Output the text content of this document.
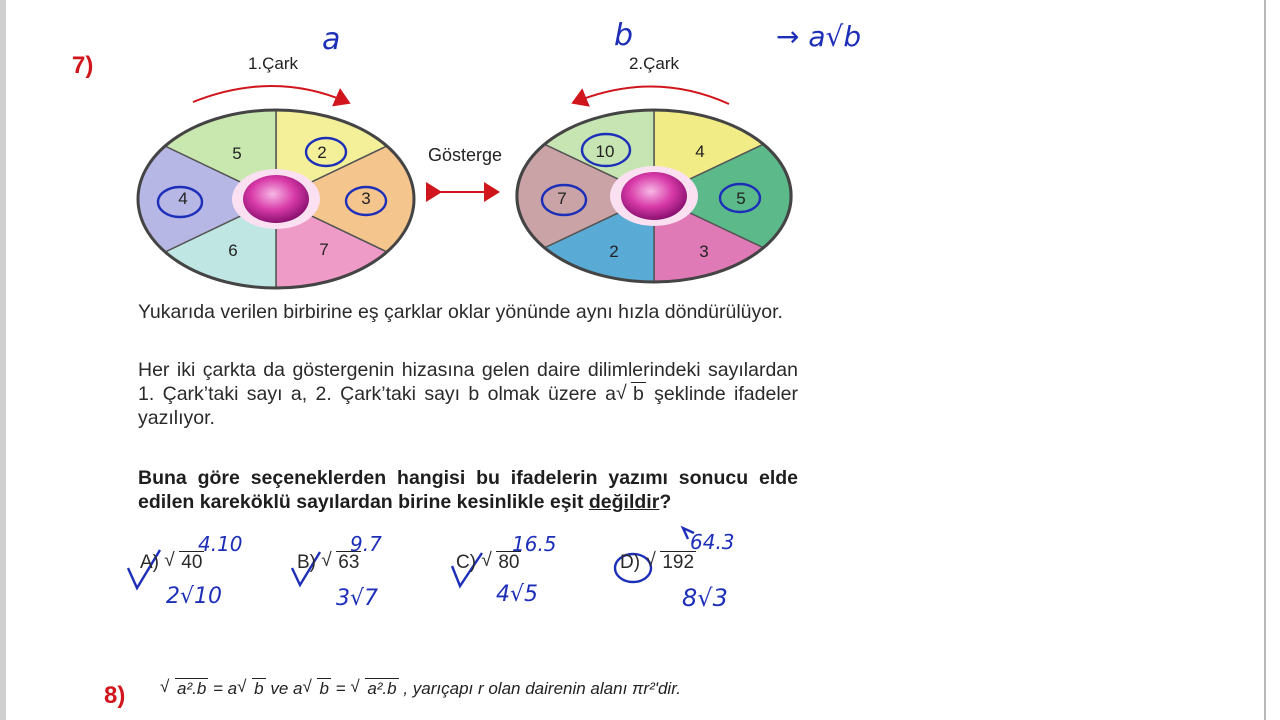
7)	1.Çark	2.Çark
5	2
3
7
6
4
10	4
5
3
2
7
Gösterge
a	b	→ a√b

Yukarıda verilen birbirine eş çarklar oklar yönünde aynı hızla döndürülüyor.

Her iki çarkta da göstergenin hizasına gelen daire dilimlerindeki sayılardan 1. Çark’taki sayı a, 2. Çark’taki sayı b olmak üzere a √ b şeklinde ifadeler yazılıyor.

Buna göre seçeneklerden hangisi bu ifadelerin yazımı sonucu elde edilen kareköklü sayılardan birine kesinlikle eşit değildir?

A) √ 40	B) √ 63	C) √ 80	D) √ 192
4.10	9.7	16.5	64.3
2√10	3√7	4√5	8√3
8)	√ a².b = a √ b ve a √ b = √ a².b , yarıçapı r olan dairenin alanı πr²'dir.
